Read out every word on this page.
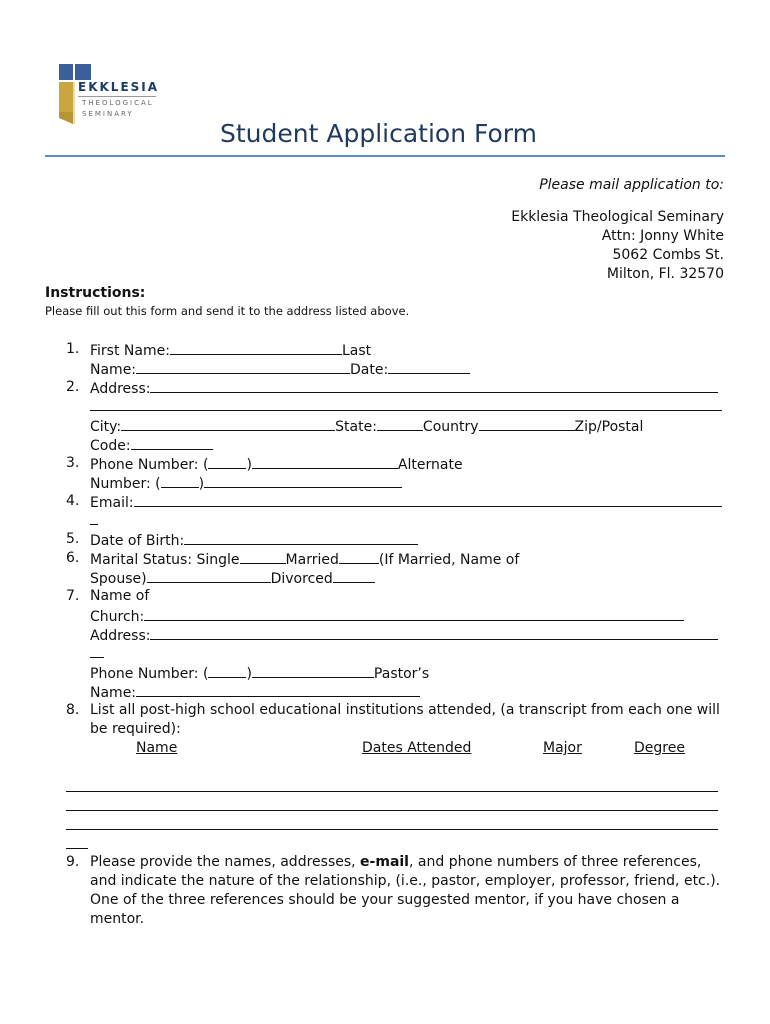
EKKLESIA
THEOLOGICAL
SEMINARY
Student Application Form
Please mail application to:
Ekklesia Theological Seminary
Attn: Jonny White
5062 Combs St.
Milton, Fl. 32570
Instructions:
Please fill out this form and send it to the address listed above.
1. First Name:	Last
Name:	Date:
2. Address:
City:	State:	Country	Zip/Postal
Code:
3. Phone Number: (	)	Alternate
Number: (	)
4. Email:
5. Date of Birth:
6. Marital Status: Single	Married	(If Married, Name of
Spouse)	Divorced
7. Name of
Church:
Address:
Phone Number: (	)	Pastor’s
Name:
8. List all post-high school educational institutions attended, (a transcript from each one will
be required):
Name	Dates Attended	Major	Degree
9. Please provide the names, addresses, e-mail, and phone numbers of three references,
and indicate the nature of the relationship, (i.e., pastor, employer, professor, friend, etc.).
One of the three references should be your suggested mentor, if you have chosen a
mentor.
